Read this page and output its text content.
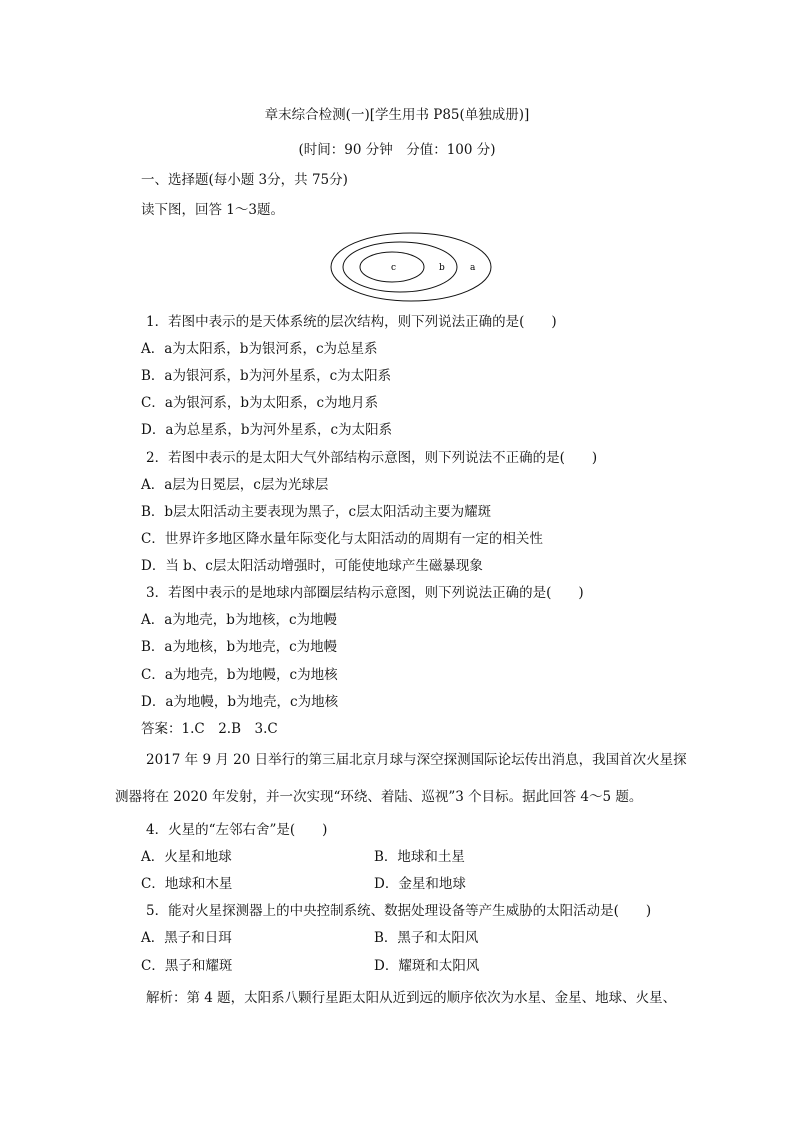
章末综合检测(一)[学生用书 P85(单独成册)]
(时间：90 分钟　分值：100 分)
一、选择题(每小题 3分，共 75分)
读下图，回答 1～3题。
c	b	a
1．若图中表示的是天体系统的层次结构，则下列说法正确的是(　　)
A．a为太阳系，b为银河系，c为总星系
B．a为银河系，b为河外星系，c为太阳系
C．a为银河系，b为太阳系，c为地月系
D．a为总星系，b为河外星系，c为太阳系
2．若图中表示的是太阳大气外部结构示意图，则下列说法不正确的是(　　)
A．a层为日冕层，c层为光球层
B．b层太阳活动主要表现为黑子，c层太阳活动主要为耀斑
C．世界许多地区降水量年际变化与太阳活动的周期有一定的相关性
D．当 b、c层太阳活动增强时，可能使地球产生磁暴现象
3．若图中表示的是地球内部圈层结构示意图，则下列说法正确的是(　　)
A．a为地壳，b为地核，c为地幔
B．a为地核，b为地壳，c为地幔
C．a为地壳，b为地幔，c为地核
D．a为地幔，b为地壳，c为地核
答案：1.C　2.B　3.C
2017 年 9 月 20 日举行的第三届北京月球与深空探测国际论坛传出消息，我国首次火星探
测器将在 2020 年发射，并一次实现“环绕、着陆、巡视”3 个目标。据此回答 4～5 题。
4．火星的“左邻右舍”是(　　)
A．火星和地球	B．地球和土星
C．地球和木星	D．金星和地球
5．能对火星探测器上的中央控制系统、数据处理设备等产生威胁的太阳活动是(　　)
A．黑子和日珥	B．黑子和太阳风
C．黑子和耀斑	D．耀斑和太阳风
解析：第 4 题，太阳系八颗行星距太阳从近到远的顺序依次为水星、金星、地球、火星、
